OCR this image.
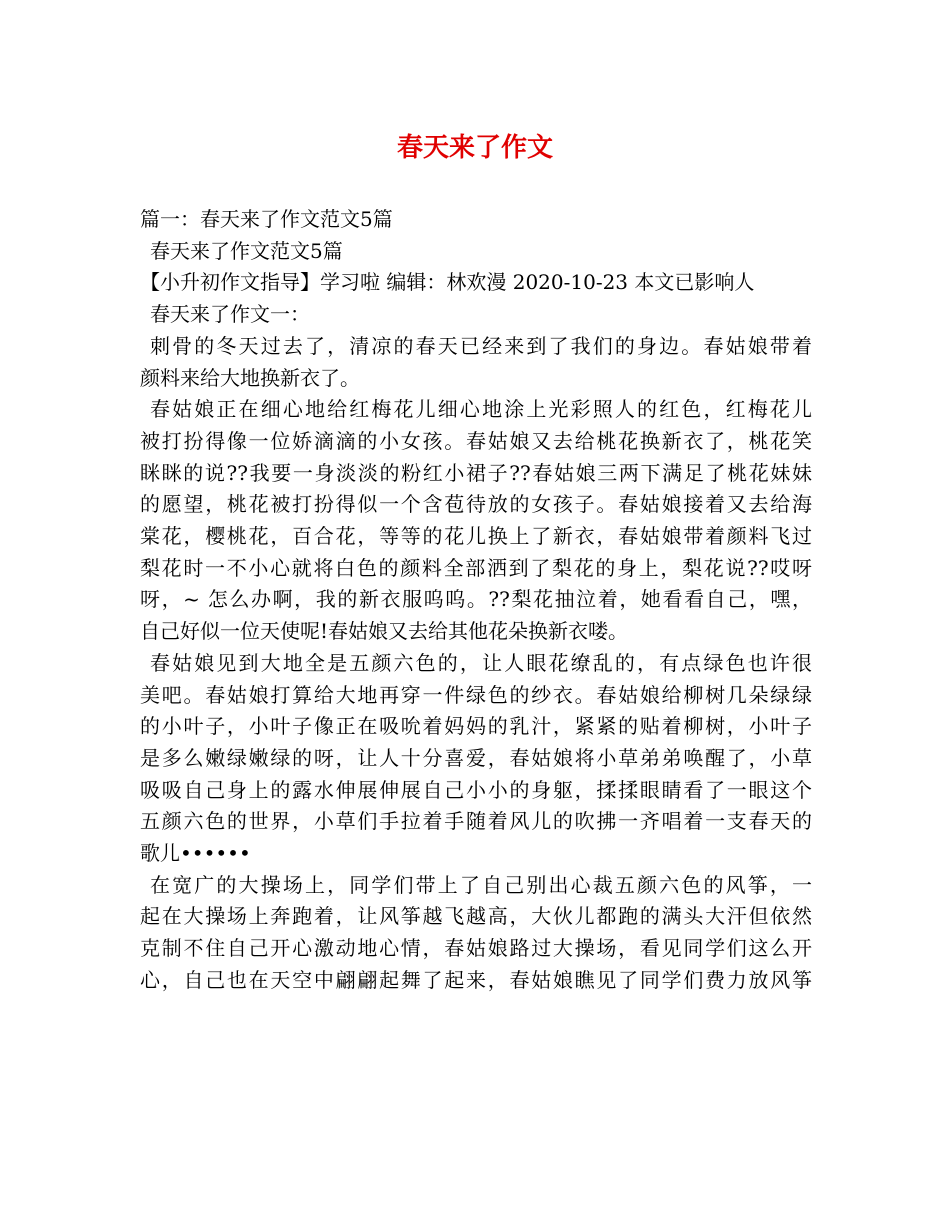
春天来了作文

篇一：春天来了作文范文5篇

春天来了作文范文5篇

【小升初作文指导】学习啦 编辑：林欢漫 2020-10-23 本文已影响人

春天来了作文一：

刺骨的冬天过去了，清凉的春天已经来到了我们的身边。春姑娘带着

颜料来给大地换新衣了。

春姑娘正在细心地给红梅花儿细心地涂上光彩照人的红色，红梅花儿

被打扮得像一位娇滴滴的小女孩。春姑娘又去给桃花换新衣了，桃花笑

眯眯的说??我要一身淡淡的粉红小裙子??春姑娘三两下满足了桃花妹妹

的愿望，桃花被打扮得似一个含苞待放的女孩子。春姑娘接着又去给海

棠花，樱桃花，百合花，等等的花儿换上了新衣，春姑娘带着颜料飞过

梨花时一不小心就将白色的颜料全部洒到了梨花的身上，梨花说??哎呀

呀，~ 怎么办啊，我的新衣服呜呜。??梨花抽泣着，她看看自己，嘿，

自己好似一位天使呢!春姑娘又去给其他花朵换新衣喽。

春姑娘见到大地全是五颜六色的，让人眼花缭乱的，有点绿色也许很

美吧。春姑娘打算给大地再穿一件绿色的纱衣。春姑娘给柳树几朵绿绿

的小叶子，小叶子像正在吸吮着妈妈的乳汁，紧紧的贴着柳树，小叶子

是多么嫩绿嫩绿的呀，让人十分喜爱，春姑娘将小草弟弟唤醒了，小草

吸吸自己身上的露水伸展伸展自己小小的身躯，揉揉眼睛看了一眼这个

五颜六色的世界，小草们手拉着手随着风儿的吹拂一齐唱着一支春天的

歌儿••••••

在宽广的大操场上，同学们带上了自己别出心裁五颜六色的风筝，一

起在大操场上奔跑着，让风筝越飞越高，大伙儿都跑的满头大汗但依然

克制不住自己开心激动地心情，春姑娘路过大操场，看见同学们这么开

心，自己也在天空中翩翩起舞了起来，春姑娘瞧见了同学们费力放风筝
